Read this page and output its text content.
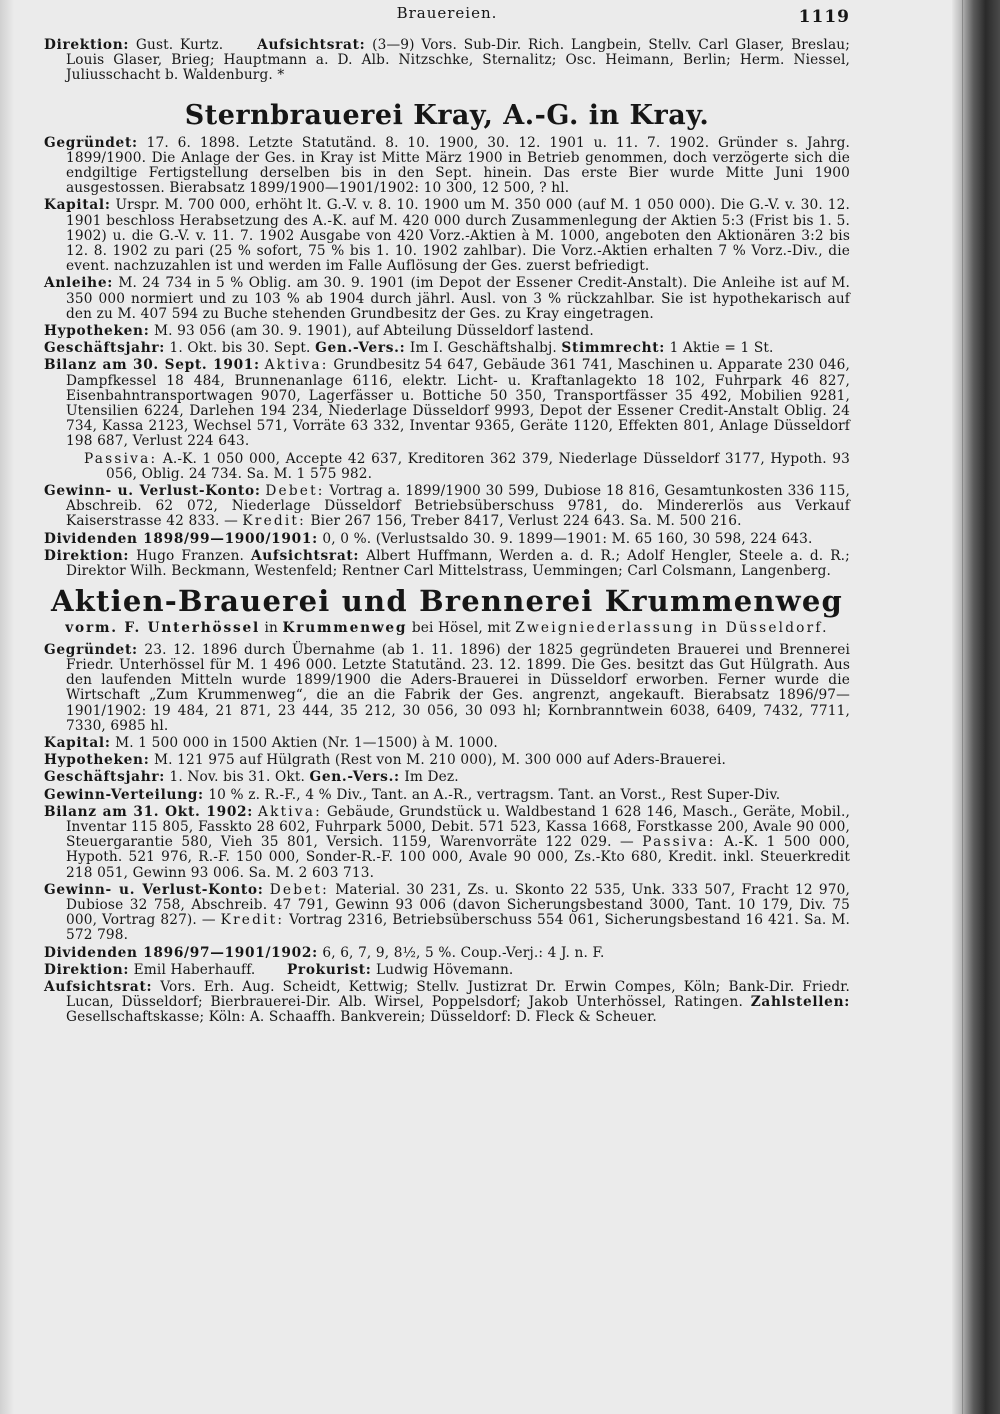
Brauereien.	1119

Direktion: Gust. Kurtz. Aufsichtsrat: (3—9) Vors. Sub-Dir. Rich. Langbein, Stellv. Carl Glaser, Breslau; Louis Glaser, Brieg; Hauptmann a. D. Alb. Nitzschke, Sternalitz; Osc. Heimann, Berlin; Herm. Niessel, Juliusschacht b. Waldenburg. *

Sternbrauerei Kray, A.-G. in Kray.

Gegründet: 17. 6. 1898. Letzte Statutänd. 8. 10. 1900, 30. 12. 1901 u. 11. 7. 1902. Gründer s. Jahrg. 1899/1900. Die Anlage der Ges. in Kray ist Mitte März 1900 in Betrieb genommen, doch verzögerte sich die endgiltige Fertigstellung derselben bis in den Sept. hinein. Das erste Bier wurde Mitte Juni 1900 ausgestossen. Bierabsatz 1899/1900—1901/1902: 10 300, 12 500, ? hl.

Kapital: Urspr. M. 700 000, erhöht lt. G.-V. v. 8. 10. 1900 um M. 350 000 (auf M. 1 050 000). Die G.-V. v. 30. 12. 1901 beschloss Herabsetzung des A.-K. auf M. 420 000 durch Zusammenlegung der Aktien 5:3 (Frist bis 1. 5. 1902) u. die G.-V. v. 11. 7. 1902 Ausgabe von 420 Vorz.-Aktien à M. 1000, angeboten den Aktionären 3:2 bis 12. 8. 1902 zu pari (25 % sofort, 75 % bis 1. 10. 1902 zahlbar). Die Vorz.-Aktien erhalten 7 % Vorz.-Div., die event. nachzuzahlen ist und werden im Falle Auflösung der Ges. zuerst befriedigt.

Anleihe: M. 24 734 in 5 % Oblig. am 30. 9. 1901 (im Depot der Essener Credit-Anstalt). Die Anleihe ist auf M. 350 000 normiert und zu 103 % ab 1904 durch jährl. Ausl. von 3 % rückzahlbar. Sie ist hypothekarisch auf den zu M. 407 594 zu Buche stehenden Grundbesitz der Ges. zu Kray eingetragen.

Hypotheken: M. 93 056 (am 30. 9. 1901), auf Abteilung Düsseldorf lastend.

Geschäftsjahr: 1. Okt. bis 30. Sept. Gen.-Vers.: Im I. Geschäftshalbj. Stimmrecht: 1 Aktie = 1 St.

Bilanz am 30. Sept. 1901: Aktiva: Grundbesitz 54 647, Gebäude 361 741, Maschinen u. Apparate 230 046, Dampfkessel 18 484, Brunnenanlage 6116, elektr. Licht- u. Kraftanlagekto 18 102, Fuhrpark 46 827, Eisenbahntransportwagen 9070, Lagerfässer u. Bottiche 50 350, Transportfässer 35 492, Mobilien 9281, Utensilien 6224, Darlehen 194 234, Niederlage Düsseldorf 9993, Depot der Essener Credit-Anstalt Oblig. 24 734, Kassa 2123, Wechsel 571, Vorräte 63 332, Inventar 9365, Geräte 1120, Effekten 801, Anlage Düsseldorf 198 687, Verlust 224 643.

Passiva: A.-K. 1 050 000, Accepte 42 637, Kreditoren 362 379, Niederlage Düsseldorf 3177, Hypoth. 93 056, Oblig. 24 734. Sa. M. 1 575 982.

Gewinn- u. Verlust-Konto: Debet: Vortrag a. 1899/1900 30 599, Dubiose 18 816, Gesamtunkosten 336 115, Abschreib. 62 072, Niederlage Düsseldorf Betriebsüberschuss 9781, do. Mindererlös aus Verkauf Kaiserstrasse 42 833. — Kredit: Bier 267 156, Treber 8417, Verlust 224 643. Sa. M. 500 216.

Dividenden 1898/99—1900/1901: 0, 0 %. (Verlustsaldo 30. 9. 1899—1901: M. 65 160, 30 598, 224 643.

Direktion: Hugo Franzen. Aufsichtsrat: Albert Huffmann, Werden a. d. R.; Adolf Hengler, Steele a. d. R.; Direktor Wilh. Beckmann, Westenfeld; Rentner Carl Mittelstrass, Uemmingen; Carl Colsmann, Langenberg.

Aktien-Brauerei und Brennerei Krummenweg
vorm. F. Unterhössel in Krummenweg bei Hösel, mit Zweigniederlassung in Düsseldorf.

Gegründet: 23. 12. 1896 durch Übernahme (ab 1. 11. 1896) der 1825 gegründeten Brauerei und Brennerei Friedr. Unterhössel für M. 1 496 000. Letzte Statutänd. 23. 12. 1899. Die Ges. besitzt das Gut Hülgrath. Aus den laufenden Mitteln wurde 1899/1900 die Aders-Brauerei in Düsseldorf erworben. Ferner wurde die Wirtschaft „Zum Krummenweg“, die an die Fabrik der Ges. angrenzt, angekauft. Bierabsatz 1896/97—1901/1902: 19 484, 21 871, 23 444, 35 212, 30 056, 30 093 hl; Kornbranntwein 6038, 6409, 7432, 7711, 7330, 6985 hl.

Kapital: M. 1 500 000 in 1500 Aktien (Nr. 1—1500) à M. 1000.

Hypotheken: M. 121 975 auf Hülgrath (Rest von M. 210 000), M. 300 000 auf Aders-Brauerei.

Geschäftsjahr: 1. Nov. bis 31. Okt. Gen.-Vers.: Im Dez.

Gewinn-Verteilung: 10 % z. R.-F., 4 % Div., Tant. an A.-R., vertragsm. Tant. an Vorst., Rest Super-Div.

Bilanz am 31. Okt. 1902: Aktiva: Gebäude, Grundstück u. Waldbestand 1 628 146, Masch., Geräte, Mobil., Inventar 115 805, Fasskto 28 602, Fuhrpark 5000, Debit. 571 523, Kassa 1668, Forstkasse 200, Avale 90 000, Steuergarantie 580, Vieh 35 801, Versich. 1159, Warenvorräte 122 029. — Passiva: A.-K. 1 500 000, Hypoth. 521 976, R.-F. 150 000, Sonder-R.-F. 100 000, Avale 90 000, Zs.-Kto 680, Kredit. inkl. Steuerkredit 218 051, Gewinn 93 006. Sa. M. 2 603 713.

Gewinn- u. Verlust-Konto: Debet: Material. 30 231, Zs. u. Skonto 22 535, Unk. 333 507, Fracht 12 970, Dubiose 32 758, Abschreib. 47 791, Gewinn 93 006 (davon Sicherungsbestand 3000, Tant. 10 179, Div. 75 000, Vortrag 827). — Kredit: Vortrag 2316, Betriebsüberschuss 554 061, Sicherungsbestand 16 421. Sa. M. 572 798.

Dividenden 1896/97—1901/1902: 6, 6, 7, 9, 8½, 5 %. Coup.-Verj.: 4 J. n. F.

Direktion: Emil Haberhauff. Prokurist: Ludwig Hövemann.

Aufsichtsrat: Vors. Erh. Aug. Scheidt, Kettwig; Stellv. Justizrat Dr. Erwin Compes, Köln; Bank-Dir. Friedr. Lucan, Düsseldorf; Bierbrauerei-Dir. Alb. Wirsel, Poppelsdorf; Jakob Unterhössel, Ratingen. Zahlstellen: Gesellschaftskasse; Köln: A. Schaaffh. Bankverein; Düsseldorf: D. Fleck & Scheuer.
